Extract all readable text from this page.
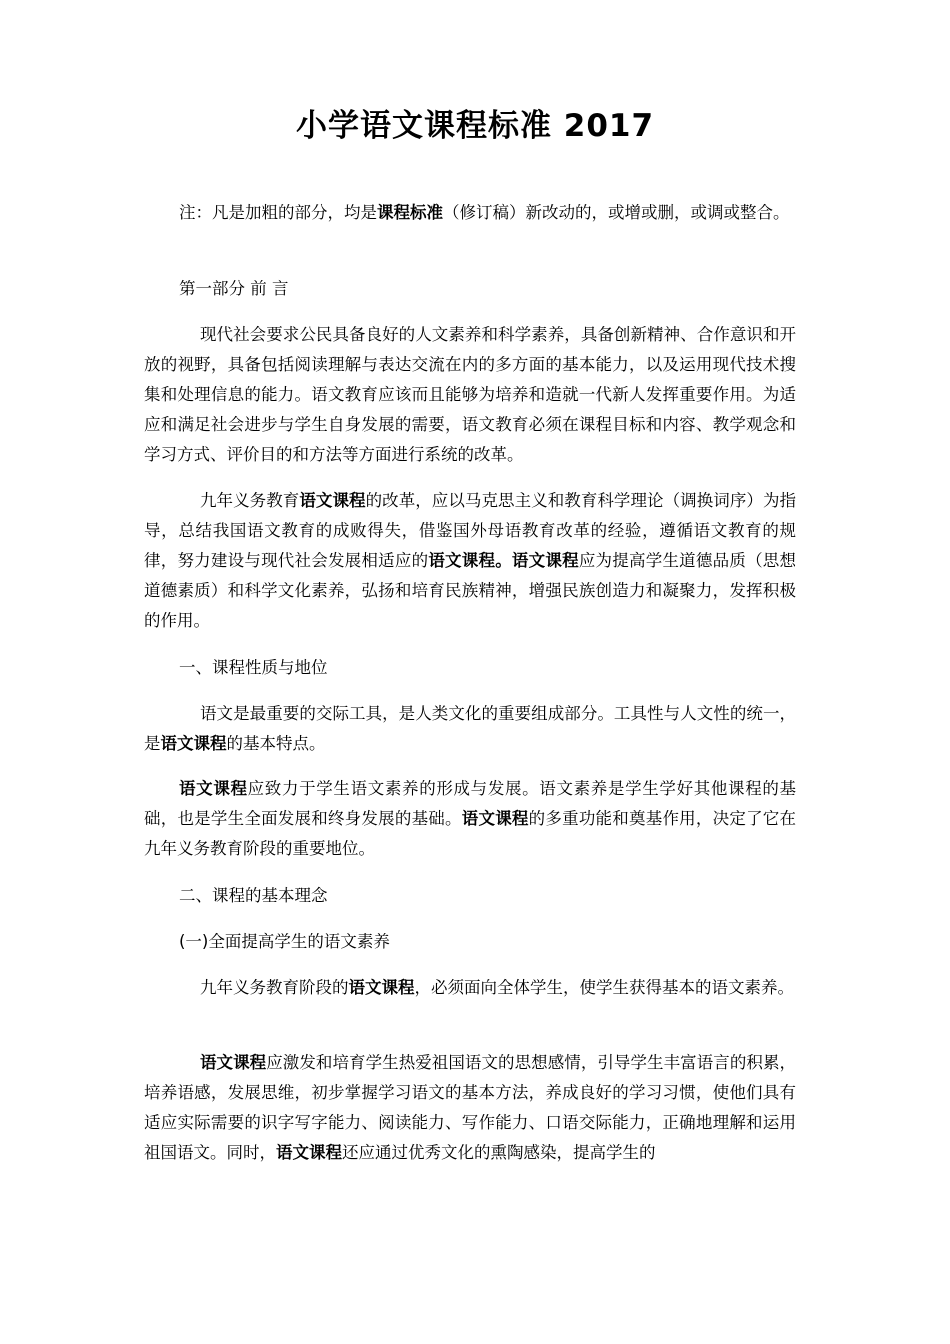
小学语文课程标准 2017
注：凡是加粗的部分，均是课程标准（修订稿）新改动的，或增或删，或调或整合。
第一部分 前 言
现代社会要求公民具备良好的人文素养和科学素养，具备创新精神、合作意识和开放的视野，具备包括阅读理解与表达交流在内的多方面的基本能力，以及运用现代技术搜集和处理信息的能力。语文教育应该而且能够为培养和造就一代新人发挥重要作用。为适应和满足社会进步与学生自身发展的需要，语文教育必须在课程目标和内容、教学观念和学习方式、评价目的和方法等方面进行系统的改革。
九年义务教育语文课程的改革，应以马克思主义和教育科学理论（调换词序）为指导，总结我国语文教育的成败得失，借鉴国外母语教育改革的经验，遵循语文教育的规律，努力建设与现代社会发展相适应的语文课程。语文课程应为提高学生道德品质（思想道德素质）和科学文化素养，弘扬和培育民族精神，增强民族创造力和凝聚力，发挥积极的作用。
一、课程性质与地位
语文是最重要的交际工具，是人类文化的重要组成部分。工具性与人文性的统一，是语文课程的基本特点。
语文课程应致力于学生语文素养的形成与发展。语文素养是学生学好其他课程的基础，也是学生全面发展和终身发展的基础。语文课程的多重功能和奠基作用，决定了它在九年义务教育阶段的重要地位。
二、课程的基本理念
(一)全面提高学生的语文素养
九年义务教育阶段的语文课程，必须面向全体学生，使学生获得基本的语文素养。
语文课程应激发和培育学生热爱祖国语文的思想感情，引导学生丰富语言的积累，培养语感，发展思维，初步掌握学习语文的基本方法，养成良好的学习习惯，使他们具有适应实际需要的识字写字能力、阅读能力、写作能力、口语交际能力，正确地理解和运用祖国语文。同时，语文课程还应通过优秀文化的熏陶感染，提高学生的
